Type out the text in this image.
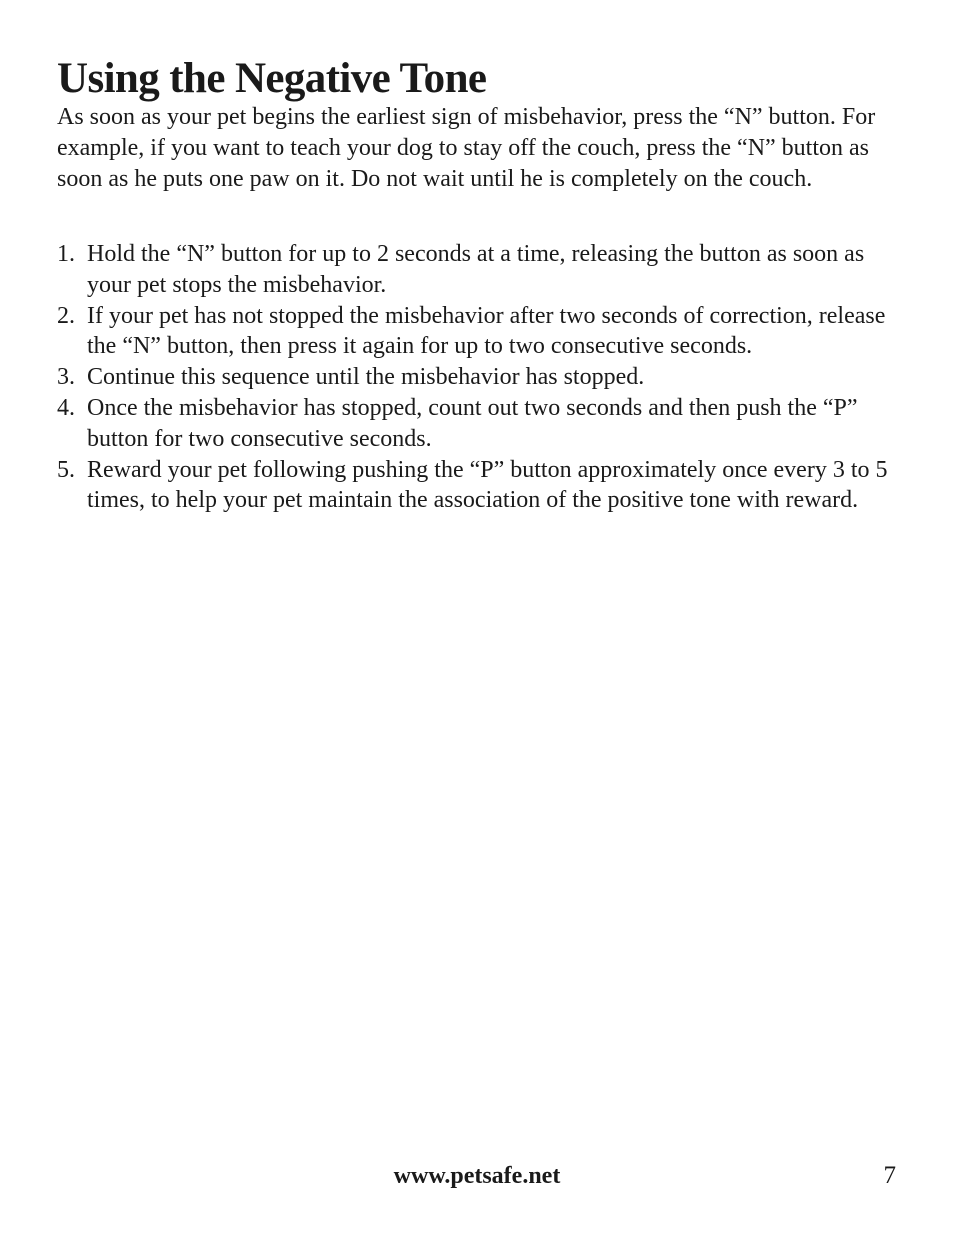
Using the Negative Tone

As soon as your pet begins the earliest sign of misbehavior, press the “N” button. For example, if you want to teach your dog to stay off the couch, press the “N” button as soon as he puts one paw on it. Do not wait until he is completely on the couch.

1. Hold the “N” button for up to 2 seconds at a time, releasing the button as soon as your pet stops the misbehavior.
2. If your pet has not stopped the misbehavior after two seconds of correction, release the “N” button, then press it again for up to two consecutive seconds.
3. Continue this sequence until the misbehavior has stopped.
4. Once the misbehavior has stopped, count out two seconds and then push the “P” button for two consecutive seconds.
5. Reward your pet following pushing the “P” button approximately once every 3 to 5 times, to help your pet maintain the association of the positive tone with reward.
www.petsafe.net	7
